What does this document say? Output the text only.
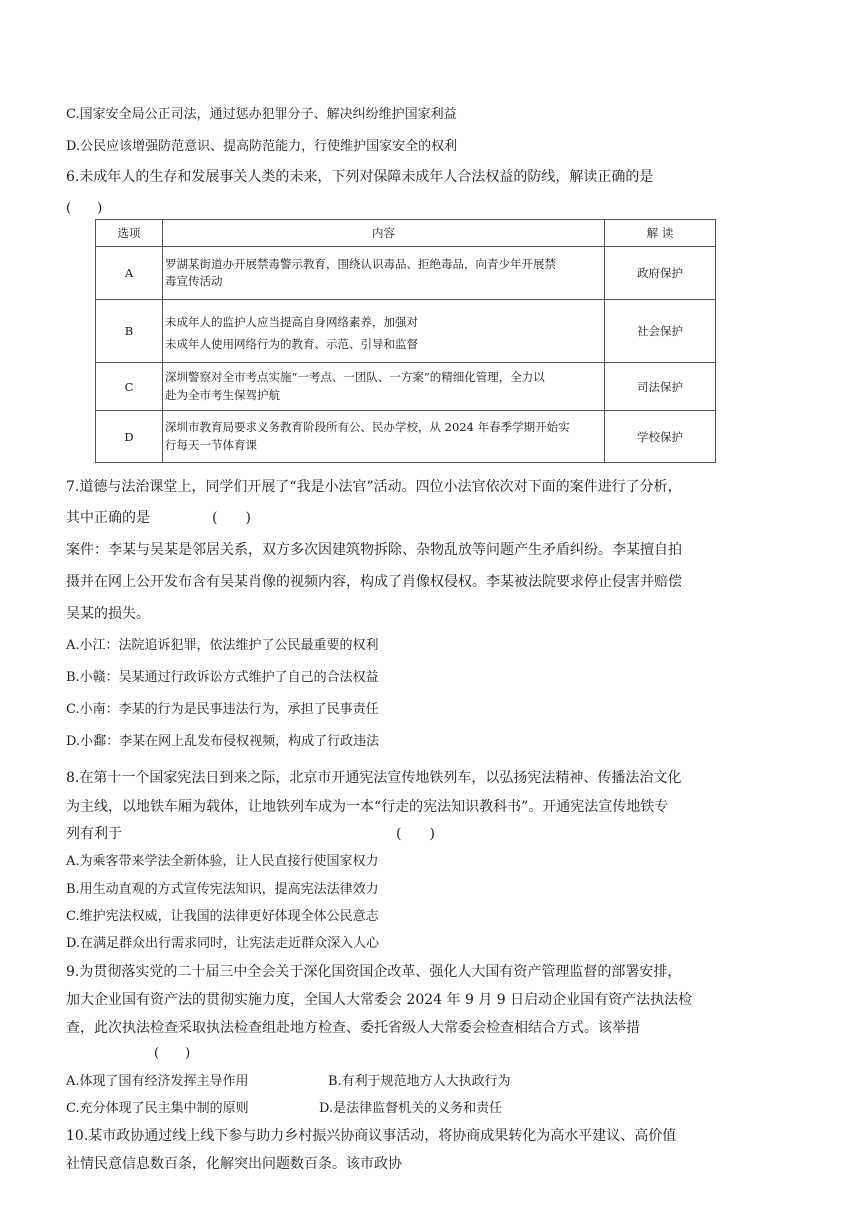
C.国家安全局公正司法，通过惩办犯罪分子、解决纠纷维护国家利益
D.公民应该增强防范意识、提高防范能力，行使维护国家安全的权利
6.未成年人的生存和发展事关人类的未来，下列对保障未成年人合法权益的防线，解读正确的是
(　　)
选项	内容	解 读
A	罗湖某街道办开展禁毒警示教育，围绕认识毒品、拒绝毒品，向青少年开展禁
毒宣传活动	政府保护
B	未成年人的监护人应当提高自身网络素养，加强对
未成年人使用网络行为的教育、示范、引导和监督	社会保护
C	深圳警察对全市考点实施“一考点、一团队、一方案”的精细化管理，全力以
赴为全市考生保驾护航	司法保护
D	深圳市教育局要求义务教育阶段所有公、民办学校，从 2024 年春季学期开始实
行每天一节体育课	学校保护
7.道德与法治课堂上，同学们开展了“我是小法官”活动。四位小法官依次对下面的案件进行了分析，
其中正确的是	(　　)
案件：李某与吴某是邻居关系，双方多次因建筑物拆除、杂物乱放等问题产生矛盾纠纷。李某擅自拍
摄并在网上公开发布含有吴某肖像的视频内容，构成了肖像权侵权。李某被法院要求停止侵害并赔偿
吴某的损失。
A.小江：法院追诉犯罪，依法维护了公民最重要的权利
B.小赣：吴某通过行政诉讼方式维护了自己的合法权益
C.小南：李某的行为是民事违法行为，承担了民事责任
D.小鄱：李某在网上乱发布侵权视频，构成了行政违法
8.在第十一个国家宪法日到来之际，北京市开通宪法宣传地铁列车，以弘扬宪法精神、传播法治文化
为主线，以地铁车厢为载体，让地铁列车成为一本“行走的宪法知识教科书”。开通宪法宣传地铁专
列有利于	(　　)
A.为乘客带来学法全新体验，让人民直接行使国家权力
B.用生动直观的方式宣传宪法知识，提高宪法法律效力
C.维护宪法权威，让我国的法律更好体现全体公民意志
D.在满足群众出行需求同时，让宪法走近群众深入人心
9.为贯彻落实党的二十届三中全会关于深化国资国企改革、强化人大国有资产管理监督的部署安排，
加大企业国有资产法的贯彻实施力度，全国人大常委会 2024 年 9 月 9 日启动企业国有资产法执法检
查，此次执法检查采取执法检查组赴地方检查、委托省级人大常委会检查相结合方式。该举措
(　　)
A.体现了国有经济发挥主导作用	B.有利于规范地方人大执政行为
C.充分体现了民主集中制的原则	D.是法律监督机关的义务和责任
10.某市政协通过线上线下参与助力乡村振兴协商议事活动，将协商成果转化为高水平建议、高价值
社情民意信息数百条，化解突出问题数百条。该市政协
